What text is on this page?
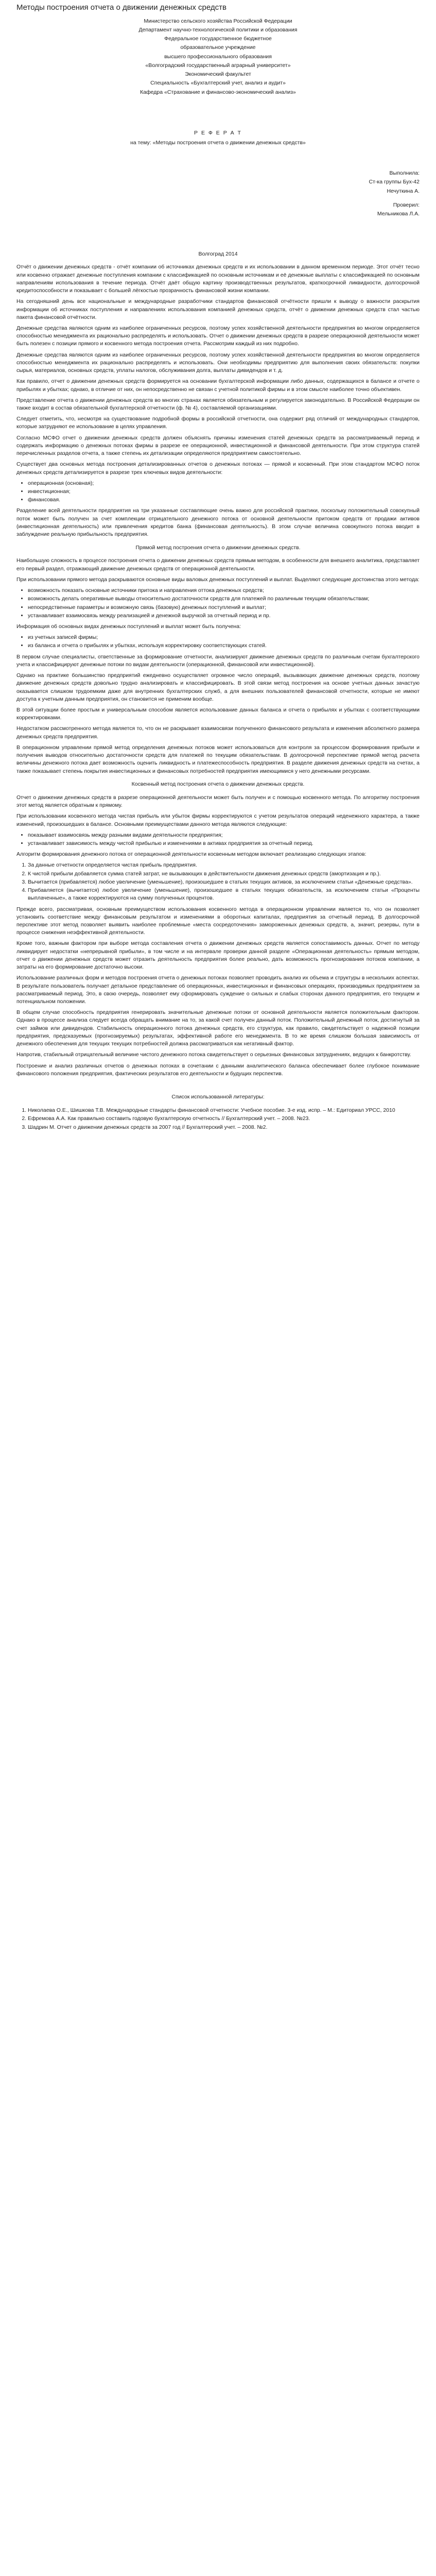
Методы построения отчета о движении денежных средств

Министерство сельского хозяйства Российской Федерации

Департамент научно-технологической политики и образования

Федеральное государственное бюджетное

образовательное учреждение

высшего профессионального образования

«Волгоградский государственный аграрный университет»

Экономический факультет

Специальность «Бухгалтерский учет, анализ и аудит»

Кафедра «Страхование и финансово-экономический анализ»

Р Е Ф Е Р А Т

на тему: «Методы построения отчета о движении денежных средств»

Выполнила:

Ст-ка группы Бух-42

Нечуткина А.

Проверил:

Мельникова Л.А.

Волгоград 2014

Отчёт о движении денежных средств - отчёт компании об источниках денежных средств и их использовании в данном временном периоде. Этот отчёт тесно или косвенно отражает денежные поступления компании с классификацией по основным источникам и её денежные выплаты с классификацией по основным направлениям использования в течение периода. Отчёт даёт общую картину производственных результатов, краткосрочной ликвидности, долгосрочной кредитоспособности и показывает с большей лёгкостью прозрачность финансовой жизни компании.

На сегодняшний день все национальные и международные разработчики стандартов финансовой отчётности пришли к выводу о важности раскрытия информации об источниках поступления и направлениях использования компанией денежных средств, отчёт о движении денежных средств стал частью пакета финансовой отчётности.

Денежные средства являются одним из наиболее ограниченных ресурсов, поэтому успех хозяйственной деятельности предприятия во многом определяется способностью менеджмента их рационально распределять и использовать. Отчет о движении денежных средств в разрезе операционной деятельности может быть полезен с позиции прямого и косвенного метода построения отчета. Рассмотрим каждый из них подробно.

Денежные средства являются одним из наиболее ограниченных ресурсов, поэтому успех хозяйственной деятельности предприятия во многом определяется способностью менеджмента их рационально распределять и использовать. Они необходимы предприятию для выполнения своих обязательств: покупки сырья, материалов, основных средств, уплаты налогов, обслуживания долга, выплаты дивидендов и т. д.

Как правило, отчет о движении денежных средств формируется на основании бухгалтерской информации либо данных, содержащихся в балансе и отчете о прибылях и убытках; однако, в отличие от них, он непосредственно не связан с учетной политикой фирмы и в этом смысле наиболее точно объективен.

Представление отчета о движении денежных средств во многих странах является обязательным и регулируется законодательно. В Российской Федерации он также входит в состав обязательной бухгалтерской отчетности (ф. № 4), составляемой организациями.

Следует отметить, что, несмотря на существование подробной формы в российской отчетности, она содержит ряд отличий от международных стандартов, которые затрудняют ее использование в целях управления.

Согласно МСФО отчет о движении денежных средств должен объяснять причины изменения статей денежных средств за рассматриваемый период и содержать информацию о денежных потоках фирмы в разрезе ее операционной, инвестиционной и финансовой деятельности. При этом структура статей перечисленных разделов отчета, а также степень их детализации определяются предприятием самостоятельно.

Существует два основных метода построения детализированных отчетов о денежных потоках — прямой и косвенный. При этом стандартом МСФО поток денежных средств детализируется в разрезе трех ключевых видов деятельности:

• операционная (основная);
• инвестиционная;
• финансовая.

Разделение всей деятельности предприятия на три указанные составляющие очень важно для российской практики, поскольку положительный совокупный поток может быть получен за счет комплекции отрицательного денежного потока от основной деятельности притоком средств от продажи активов (инвестиционная деятельность) или привлечения кредитов банка (финансовая деятельность). В этом случае величина совокупного потока вводит в заблуждение реальную прибыльность предприятия.

Прямой метод построения отчета о движении денежных средств.

Наибольшую сложность в процессе построения отчета о движении денежных средств прямым методом, в особенности для внешнего аналитика, представляет его первый раздел, отражающий движение денежных средств от операционной деятельности.

При использовании прямого метода раскрываются основные виды валовых денежных поступлений и выплат. Выделяют следующие достоинства этого метода:

• возможность показать основные источники притока и направления оттока денежных средств;
• возможность делать оперативные выводы относительно достаточности средств для платежей по различным текущим обязательствам;
• непосредственные параметры и возможную связь (базовую) денежных поступлений и выплат;
• устанавливает взаимосвязь между реализацией и денежной выручкой за отчетный период и пр.

Информация об основных видах денежных поступлений и выплат может быть получена:

• из учетных записей фирмы;
• из баланса и отчета о прибылях и убытках, используя корректировку соответствующих статей.

В первом случае специалисты, ответственные за формирование отчетности, анализируют движение денежных средств по различным счетам бухгалтерского учета и классифицируют денежные потоки по видам деятельности (операционной, финансовой или инвестиционной).

Однако на практике большинство предприятий ежедневно осуществляет огромное число операций, вызывающих движение денежных средств, поэтому движение денежных средств довольно трудно анализировать и классифицировать. В этой связи метод построения на основе учетных данных зачастую оказывается слишком трудоемким даже для внутренних бухгалтерских служб, а для внешних пользователей финансовой отчетности, которые не имеют доступа к учетным данным предприятия, он становится не применим вообще.

В этой ситуации более простым и универсальным способом является использование данных баланса и отчета о прибылях и убытках с соответствующими корректировками.

Недостатком рассмотренного метода является то, что он не раскрывает взаимосвязи полученного финансового результата и изменения абсолютного размера денежных средств предприятия.

В операционном управлении прямой метод определения денежных потоков может использоваться для контроля за процессом формирования прибыли и получения выводов относительно достаточности средств для платежей по текущим обязательствам. В долгосрочной перспективе прямой метод расчета величины денежного потока дает возможность оценить ликвидность и платежеспособность предприятия. В разделе движения денежных средств на счетах, а также показывает степень покрытия инвестиционных и финансовых потребностей предприятия имеющимися у него денежными ресурсами.

Косвенный метод построения отчета о движении денежных средств.

Отчет о движении денежных средств в разрезе операционной деятельности может быть получен и с помощью косвенного метода. По алгоритму построения этот метод является обратным к прямому.

При использовании косвенного метода чистая прибыль или убыток фирмы корректируются с учетом результатов операций неденежного характера, а также изменений, произошедших в балансе. Основными преимуществами данного метода являются следующие:

• показывает взаимосвязь между разными видами деятельности предприятия;
• устанавливает зависимость между чистой прибылью и изменениями в активах предприятия за отчетный период.

Алгоритм формирования денежного потока от операционной деятельности косвенным методом включает реализацию следующих этапов:

1. За данные отчетности определяется чистая прибыль предприятия.
2. К чистой прибыли добавляется сумма статей затрат, не вызывающих в действительности движения денежных средств (амортизация и пр.).
3. Вычитается (прибавляется) любое увеличение (уменьшение), произошедшее в статьях текущих активов, за исключением статьи «Денежные средства».
4. Прибавляется (вычитается) любое увеличение (уменьшение), произошедшее в статьях текущих обязательств, за исключением статьи «Проценты выплаченные», а также корректируются на сумму полученных процентов.

Прежде всего, рассматривая, основным преимуществом использования косвенного метода в операционном управлении является то, что он позволяет установить соответствие между финансовым результатом и изменениями в оборотных капиталах, предприятия за отчетный период. В долгосрочной перспективе этот метод позволяет выявить наиболее проблемные «места сосредоточения» замороженных денежных средств, а, значит, резервы, пути в процессе снижения неэффективной деятельности.

Кроме того, важным фактором при выборе метода составления отчета о движении денежных средств является сопоставимость данных. Отчет по методу ликвидирует недостатки «непрерывной прибыли», в том числе и на интервале проверки данной разделе «Операционная деятельность» прямым методом, отчет о движении денежных средств может отразить деятельность предприятия более реально, дать возможность прогнозирования потоков компании, а затраты на его формирование достаточно высоки.

Использование различных форм и методов построения отчета о денежных потоках позволяет проводить анализ их объема и структуры в нескольких аспектах. В результате пользователь получает детальное представление об операционных, инвестиционных и финансовых операциях, производимых предприятием за рассматриваемый период. Это, в свою очередь, позволяет ему сформировать суждение о сильных и слабых сторонах данного предприятия, его текущем и потенциальном положении.

В общем случае способность предприятия генерировать значительные денежные потоки от основной деятельности является положительным фактором. Однако в процессе анализа следует всегда обращать внимание на то, за какой счет получен данный поток. Положительный денежный поток, достигнутый за счет займов или дивидендов. Стабильность операционного потока денежных средств, его структура, как правило, свидетельствует о надежной позиции предприятия, предсказуемых (прогнозируемых) результатах, эффективной работе его менеджмента. В то же время слишком большая зависимость от денежного обеспечения для текущих текущих потребностей должна рассматриваться как негативный фактор.

Напротив, стабильный отрицательный величине чистого денежного потока свидетельствует о серьезных финансовых затруднениях, ведущих к банкротству.

Построение и анализ различных отчетов о денежных потоках в сочетании с данными аналитического баланса обеспечивает более глубокое понимание финансового положения предприятия, фактических результатов его деятельности и будущих перспектив.

Список использованной литературы:

1. Николаева О.Е., Шишкова Т.В. Международные стандарты финансовой отчетности: Учебное пособие. 3-е изд. испр. – М.: Едиториал УРСС, 2010
2. Ефремова А.А. Как правильно составить годовую бухгалтерскую отчетность // Бухгалтерский учет. – 2008. №23.
3. Шадрин М. Отчет о движении денежных средств за 2007 год // Бухгалтерский учет. – 2008. №2.
